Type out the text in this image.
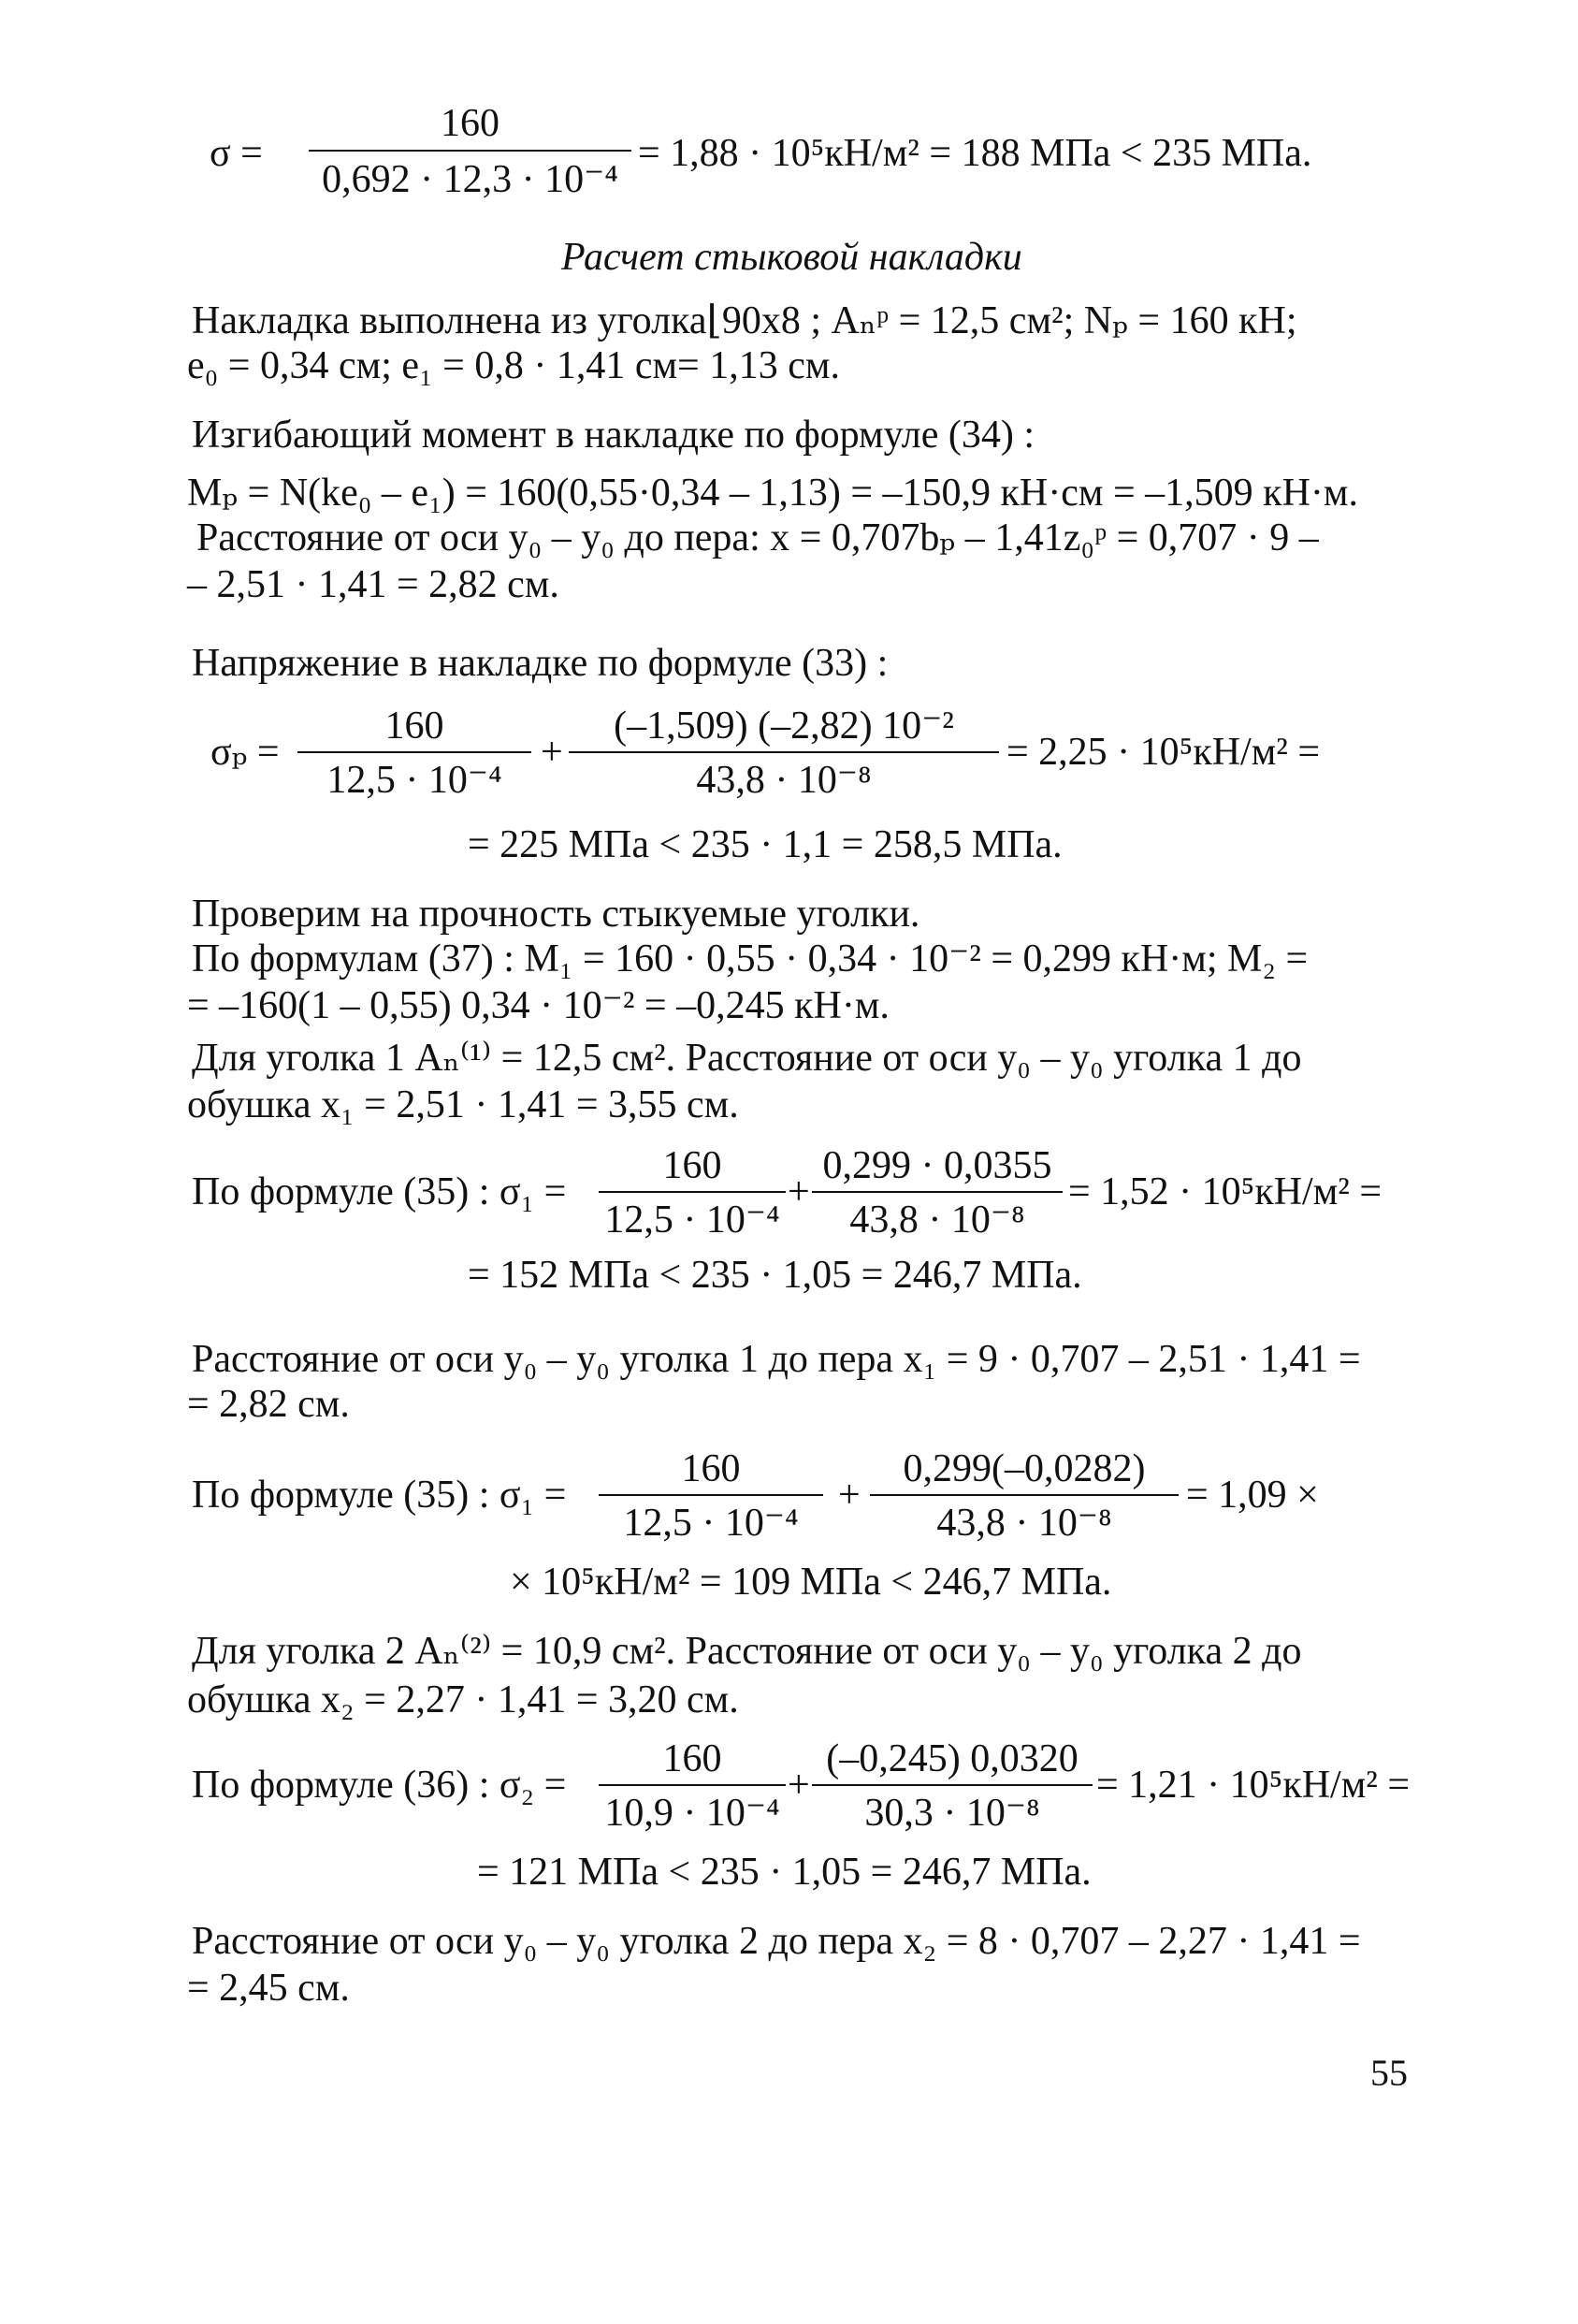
σ =
160
0,692 · 12,3 · 10⁻⁴
= 1,88 · 10⁵кН/м² = 188 МПа < 235 МПа.
Расчет стыковой накладки
Накладка выполнена из уголка⌊90х8 ; Aₙᵖ = 12,5 см²; Nₚ = 160 кН;
e₀ = 0,34 см; e₁ = 0,8 · 1,41 см= 1,13 см.
Изгибающий момент в накладке по формуле (34) :
Mₚ = N(ke₀ – e₁) = 160(0,55·0,34 – 1,13) = –150,9 кН·см = –1,509 кН·м.
Расстояние от оси y₀ – y₀ до пера: x = 0,707bₚ – 1,41z₀ᵖ = 0,707 · 9 –
– 2,51 · 1,41 = 2,82 см.
Напряжение в накладке по формуле (33) :
σₚ =
160
12,5 · 10⁻⁴
+
(–1,509) (–2,82) 10⁻²
43,8 · 10⁻⁸
= 2,25 · 10⁵кН/м² =
= 225 МПа < 235 · 1,1 = 258,5 МПа.
Проверим на прочность стыкуемые уголки.
По формулам (37) : M₁ = 160 · 0,55 · 0,34 · 10⁻² = 0,299 кН·м; M₂ =
= –160(1 – 0,55) 0,34 · 10⁻² = –0,245 кН·м.
Для уголка 1 Aₙ⁽¹⁾ = 12,5 см². Расстояние от оси y₀ – y₀ уголка 1 до
обушка x₁ = 2,51 · 1,41 = 3,55 см.
По формуле (35) : σ₁ =
160
12,5 · 10⁻⁴
+
0,299 · 0,0355
43,8 · 10⁻⁸
= 1,52 · 10⁵кН/м² =
= 152 МПа < 235 · 1,05 = 246,7 МПа.
Расстояние от оси y₀ – y₀ уголка 1 до пера x₁ = 9 · 0,707 – 2,51 · 1,41 =
= 2,82 см.
По формуле (35) : σ₁ =
160
12,5 · 10⁻⁴
+
0,299(–0,0282)
43,8 · 10⁻⁸
= 1,09 ×
× 10⁵кН/м² = 109 МПа < 246,7 МПа.
Для уголка 2 Aₙ⁽²⁾ = 10,9 см². Расстояние от оси y₀ – y₀ уголка 2 до
обушка x₂ = 2,27 · 1,41 = 3,20 см.
По формуле (36) : σ₂ =
160
10,9 · 10⁻⁴
+
(–0,245) 0,0320
30,3 · 10⁻⁸
= 1,21 · 10⁵кН/м² =
= 121 МПа < 235 · 1,05 = 246,7 МПа.
Расстояние от оси y₀ – y₀ уголка 2 до пера x₂ = 8 · 0,707 – 2,27 · 1,41 =
= 2,45 см.
55
